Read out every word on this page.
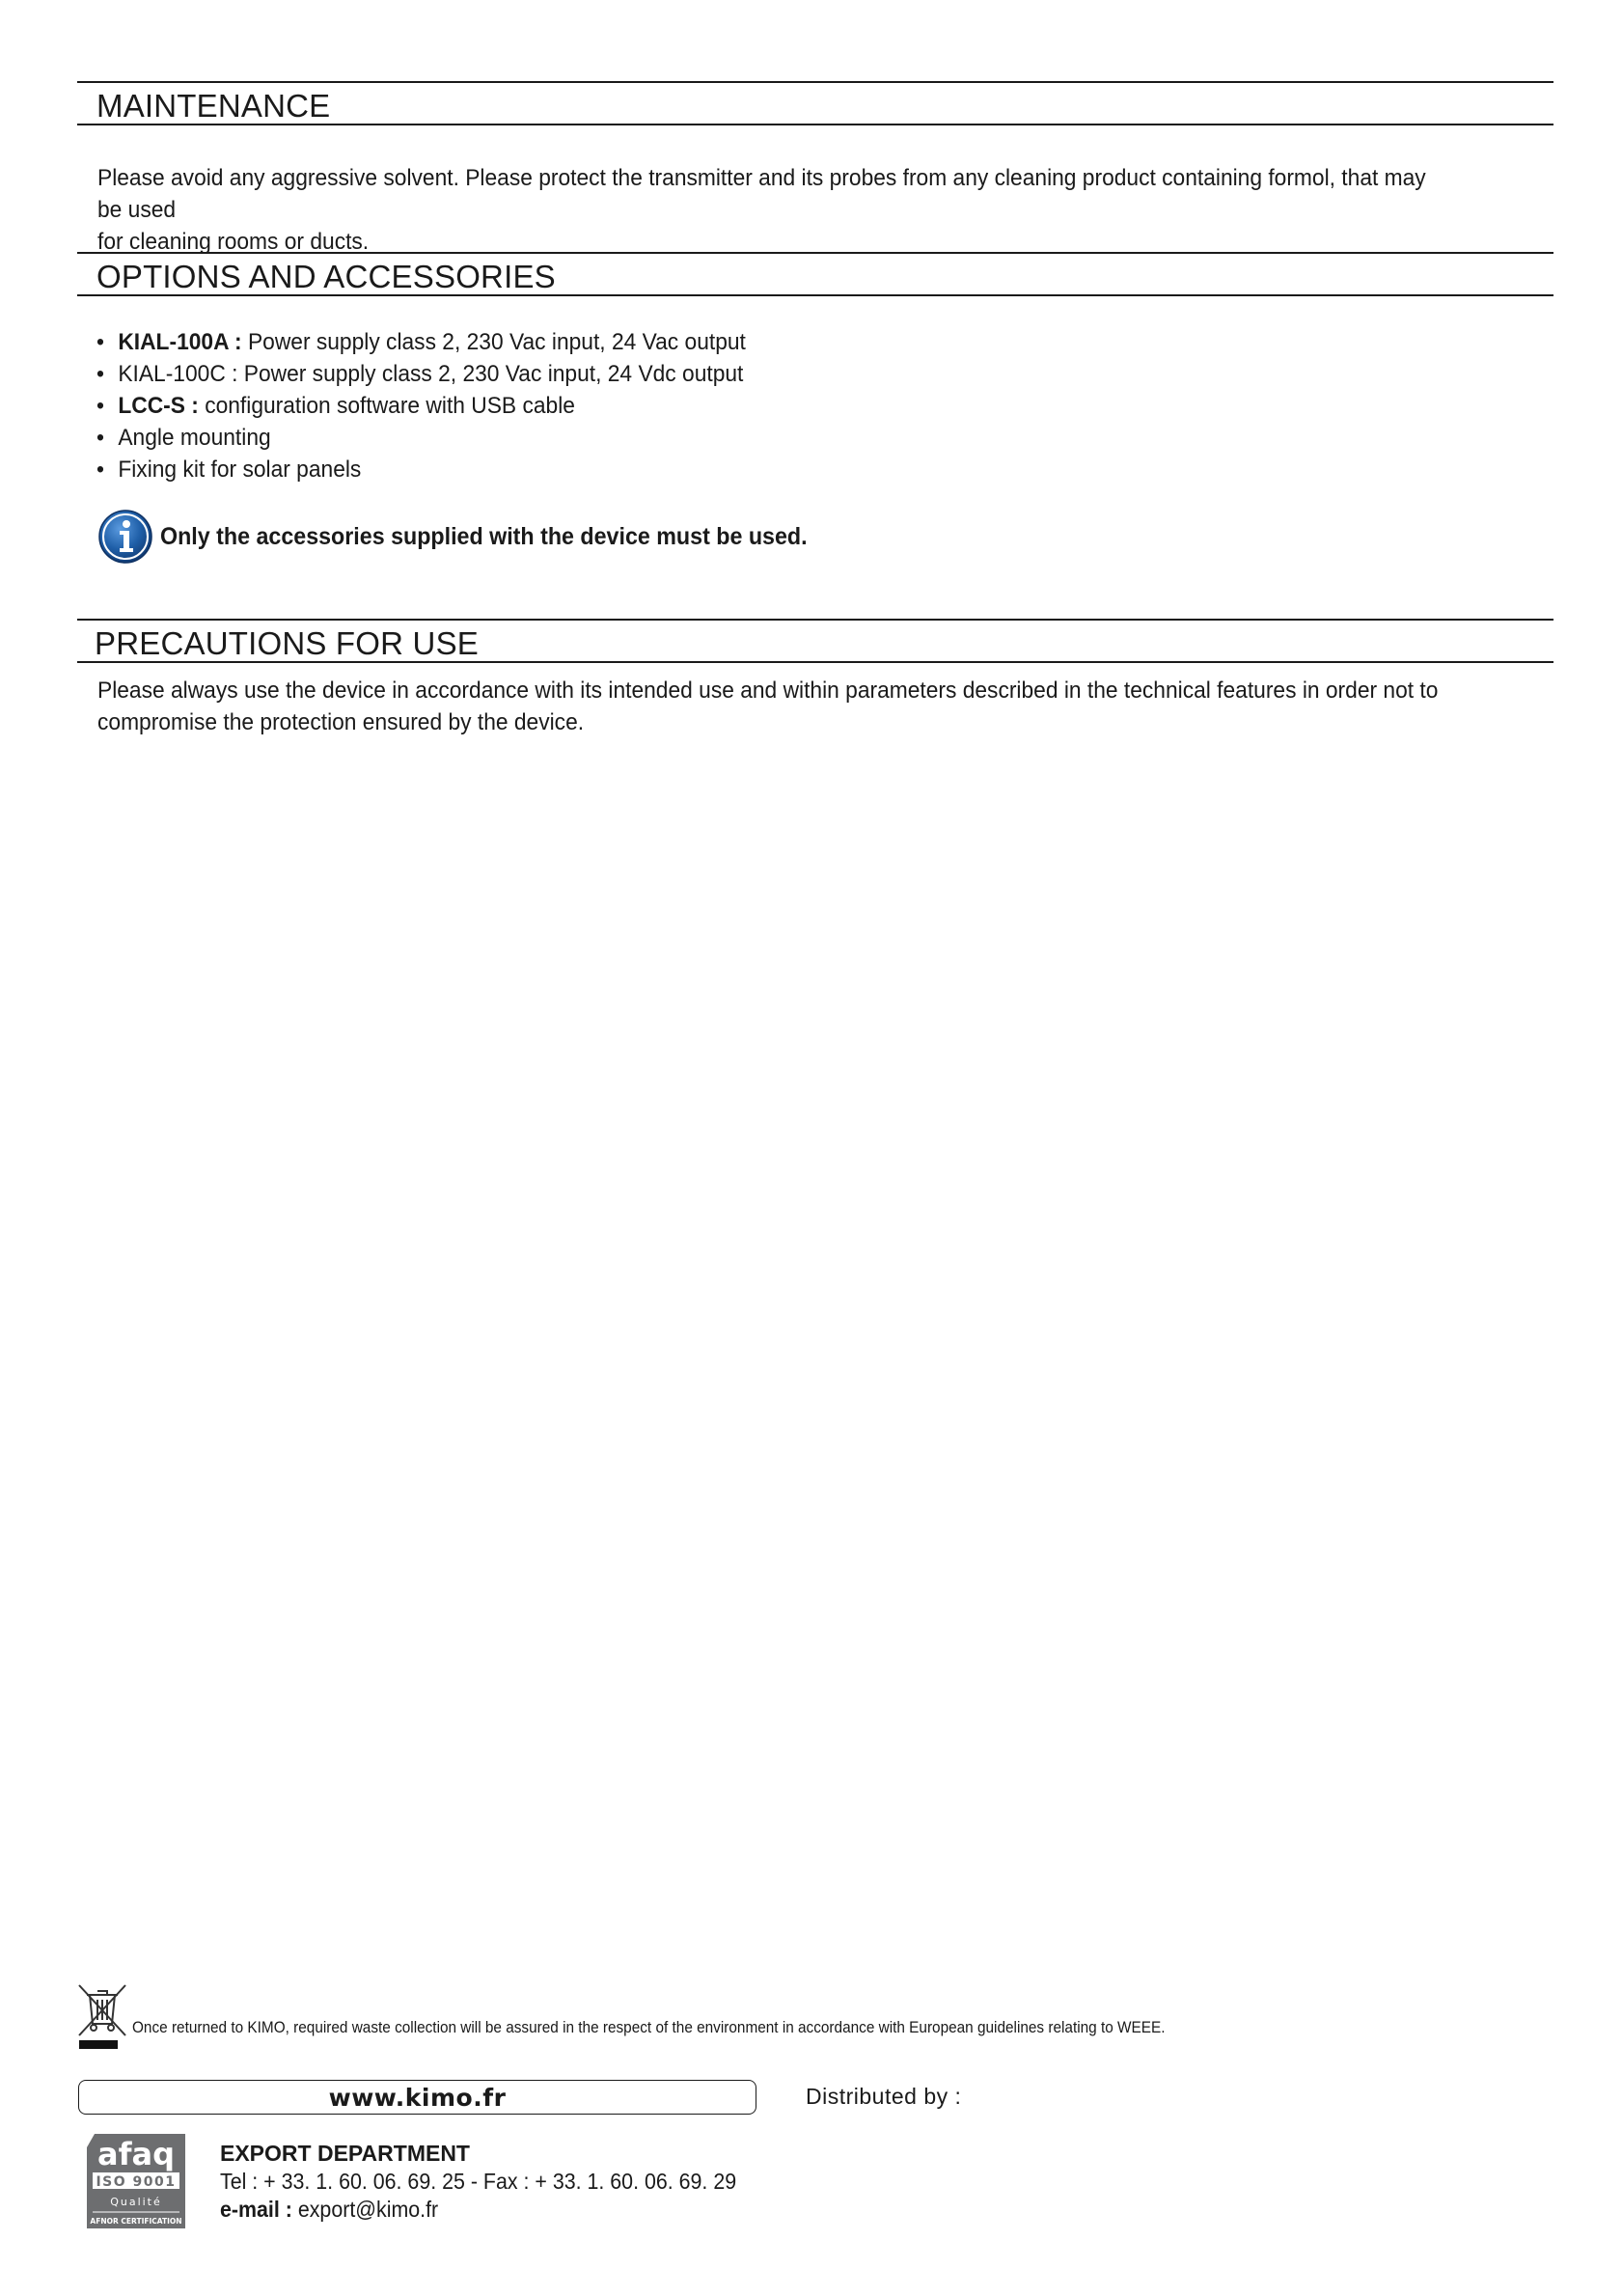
MAINTENANCE
Please avoid any aggressive solvent. Please protect the transmitter and its probes from any cleaning product containing formol, that may be used
for cleaning rooms or ducts.
OPTIONS AND ACCESSORIES
• KIAL-100A : Power supply class 2, 230 Vac input, 24 Vac output
• KIAL-100C : Power supply class 2, 230 Vac input, 24 Vdc output
• LCC-S : configuration software with USB cable
• Angle mounting
• Fixing kit for solar panels
Only the accessories supplied with the device must be used.
PRECAUTIONS FOR USE
Please always use the device in accordance with its intended use and within parameters described in the technical features in order not to
compromise the protection ensured by the device.
Once returned to KIMO, required waste collection will be assured in the respect of the environment in accordance with European guidelines relating to WEEE.
www.kimo.fr	Distributed by :
afaq
ISO 9001
Qualité
AFNOR CERTIFICATION
EXPORT DEPARTMENT
Tel : + 33. 1. 60. 06. 69. 25 - Fax : + 33. 1. 60. 06. 69. 29
e-mail : export@kimo.fr
